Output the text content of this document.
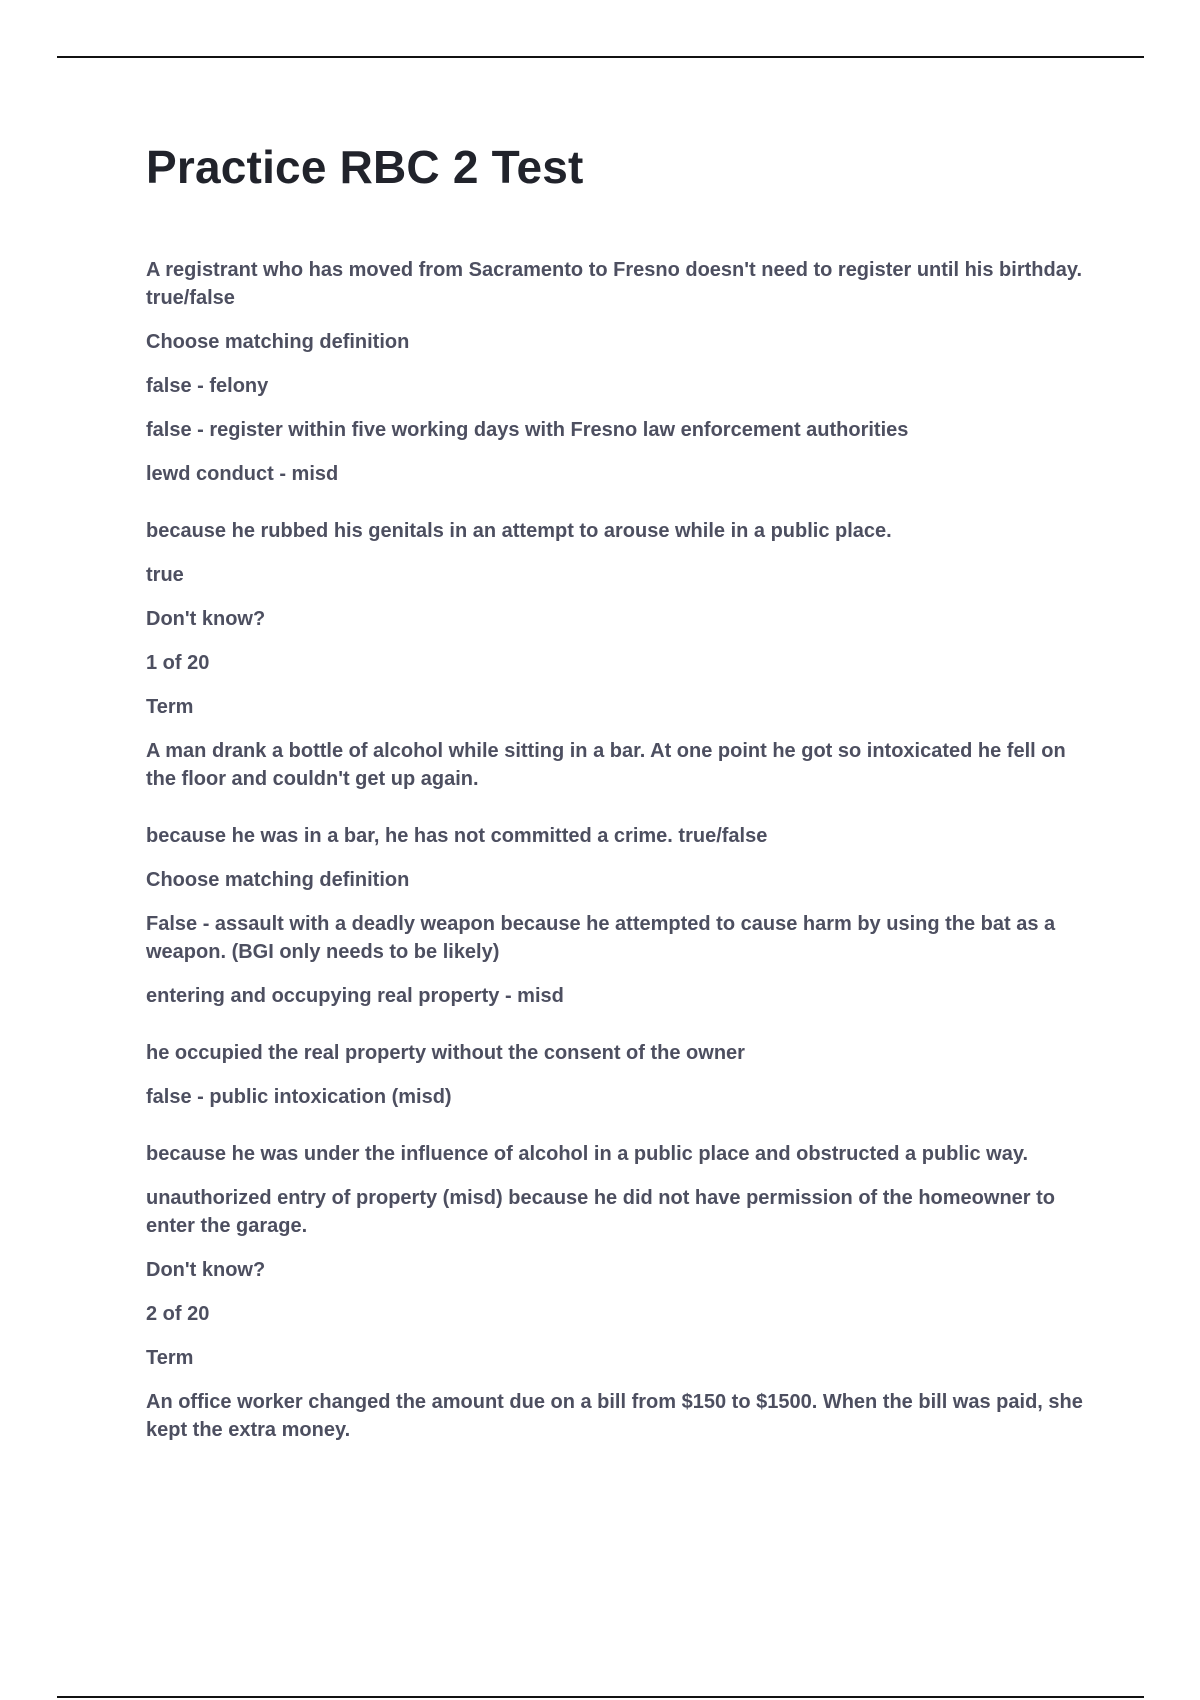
Practice RBC 2 Test

A registrant who has moved from Sacramento to Fresno doesn't need to register until his birthday. true/false

Choose matching definition

false - felony

false - register within five working days with Fresno law enforcement authorities

lewd conduct - misd

because he rubbed his genitals in an attempt to arouse while in a public place.

true

Don't know?

1 of 20

Term

A man drank a bottle of alcohol while sitting in a bar. At one point he got so intoxicated he fell on the floor and couldn't get up again.

because he was in a bar, he has not committed a crime. true/false

Choose matching definition

False - assault with a deadly weapon because he attempted to cause harm by using the bat as a weapon. (BGI only needs to be likely)

entering and occupying real property - misd

he occupied the real property without the consent of the owner

false - public intoxication (misd)

because he was under the influence of alcohol in a public place and obstructed a public way.

unauthorized entry of property (misd) because he did not have permission of the homeowner to enter the garage.

Don't know?

2 of 20

Term

An office worker changed the amount due on a bill from $150 to $1500. When the bill was paid, she kept the extra money.
